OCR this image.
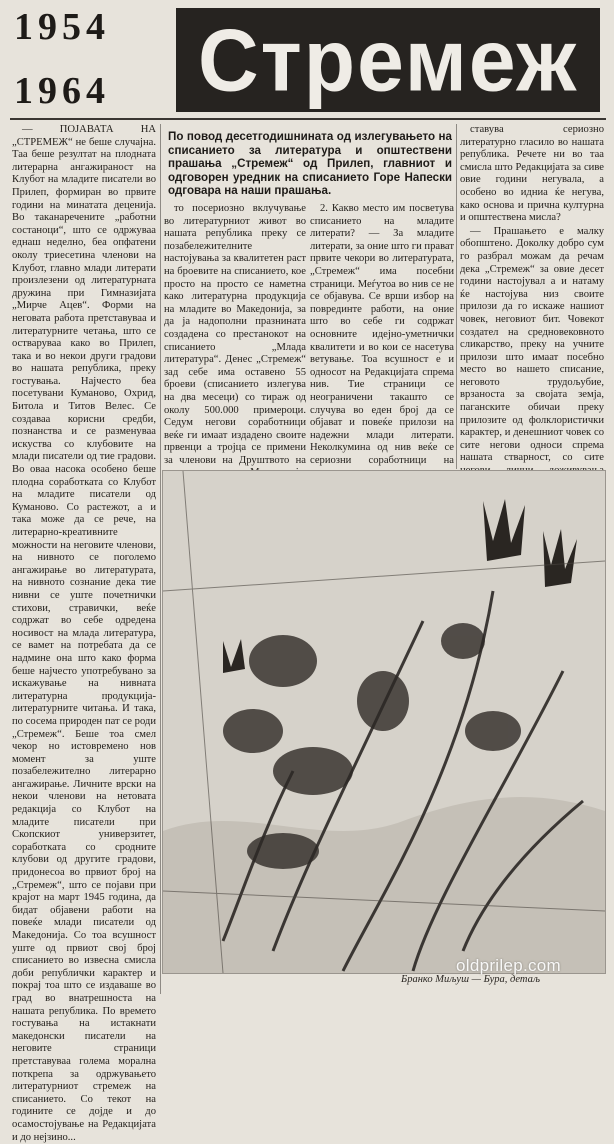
1954
1964	Стремеж

— ПОЈАВАТА НА „СТРЕМЕЖ“ не беше случајна. Таа беше резултат на плодната литерарна ангажираност на Клубот на младите писатели во Прилеп, формиран во првите години на минатата деценија. Во таканаречените „работни состаноци“, што се одржуваа еднаш неделно, беа опфатени околу триесетина членови на Клубот, главно млади литерати произлезени од литературната дружина при Гимназијата „Мирче Ацев“. Форми на неговата работа претставуваа и литературните четања, што се остваруваа како во Прилеп, така и во некои други градови во нашата република, преку гостувања. Најчесто беа посетувани Куманово, Охрид, Битола и Титов Велес. Се создаваа корисни средби, познанства и се разменуваа искуства со клубовите на млади писатели од тие градови. Во оваа насока особено беше плодна соработката со Клубот на младите писатели од Куманово. Со растежот, а и така може да се рече, на литерарно-креативните можности на неговите членови, на нивното се поголемо ангажирање во литературата, на нивното сознание дека тие нивни се уште почетнички стихови, стравички, веќе содржат во себе одредена носивост на млада литература, се вамет на потребата да се надмине она што како форма беше најчесто употребувано за искажување на нивната литературна продукција-литературните читања. И така, по сосема природен пат се роди „Стремеж“. Беше тоа смел чекор но истовремено нов момент за уште позабележително литерарно ангажирање. Личните врски на некои членови на нетовата редакција со Клубот на младите писатели при Скопскиот универзитет, соработката со сродните клубови од другите градови, придонесоа во првиот број на „Стремеж“, што се појави при крајот на март 1945 година, да бидат објавени работи на повеќе млади писатели од Македонија. Со тоа всушност уште од првиот свој број списанието во извесна смисла доби републички карактер и покрај тоа што се издаваше во град во внатрешноста на нашата република. По времето гостувања на истакнати македонски писатели на неговите страници претставуваа голема морална поткрепа за одржувањето литературниот стремеж на списанието. Со текот на годините се дојде и до осамостојување на Редакцијата и до нејзино...

По повод десетгодишнината од излегувањето на списанието за литература и општествени прашања „Стремеж“ од Прилеп, главниот и одговорен уредник на списанието Горе Напески одговара на наши прашања.

то посериозно вклучување во литературниот живот во нашата република преку се позабележителните настојувања за квалитетен раст на броевите на списанието, кое просто на просто се наметна како литературна продукција на младите во Македонија, за да ја надополни празнината создадена со престанокот на списанието „Млада литература“. Денес „Стремеж“ зад себе има оставено 55 броеви (списанието излегува на два месеци) со тираж од околу 500.000 примероци. Седум негови соработници веќе ги имаат издадено своите првенци а тројца се примени за членови на Друштвото на

2. Какво место им посветува списанието на младите литерати? — За младите литерати, за оние што ги прават првите чекори во литературата, „Стремеж“ има посебни страници. Меѓутоа во нив се не се објавува. Се врши избор на поврединте работи, на оние што во себе ги содржат основните идејно-уметнички квалитети и во кои се насетува ветување. Тоа всушност е и односот на Редакцијата спрема нив. Тие страници се неограничени такашто се случува во еден број да се објават и повеќе прилози на надежни млади литерати. Неколкумина од нив веќе се сериозни соработници на

ставува сериозно литературно гласило во нашата република. Речете ни во таа смисла што Редакцијата за сиве овие години негувала, а особено во идниа ќе негува, како основа и прична културна и општествена мисла?

— Прашањето е малку обопштено. Доколку добро сум го разбрал можам да речам дека „Стремеж“ за овие десет години настојувал а и натаму ќе настојува низ своите прилози да го искаже нашиот човек, неговиот бит. Човекот создател на средновековното сликарство, преку на учните прилози што имаат посебно место во нашето списание, неговото трудољубие, врзаноста за својата земја, паганските обичаи преку прилозите од фолклористички карактер, и денешниот човек со сите негови односи спрема нашата стварност, со сите

Бранко Миљуш — Бура, детаљ
oldprilep.com
